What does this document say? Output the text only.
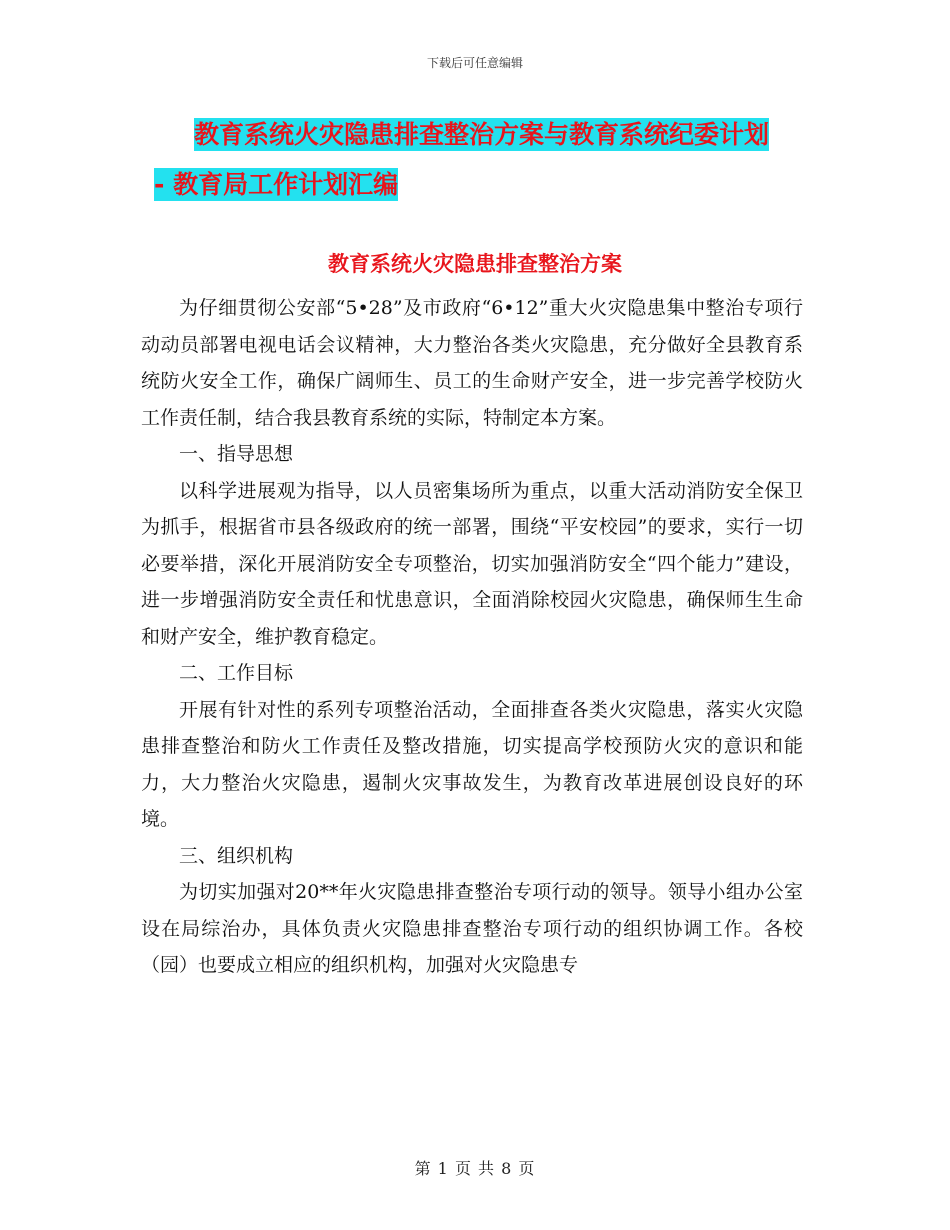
下载后可任意编辑
教育系统火灾隐患排查整治方案与教育系统纪委计划
- 教育局工作计划汇编
教育系统火灾隐患排查整治方案

为仔细贯彻公安部“5•28”及市政府“6•12”重大火灾隐患集中整治专项行动动员部署电视电话会议精神，大力整治各类火灾隐患，充分做好全县教育系统防火安全工作，确保广阔师生、员工的生命财产安全，进一步完善学校防火工作责任制，结合我县教育系统的实际，特制定本方案。

一、指导思想

以科学进展观为指导，以人员密集场所为重点，以重大活动消防安全保卫为抓手，根据省市县各级政府的统一部署，围绕“平安校园”的要求，实行一切必要举措，深化开展消防安全专项整治，切实加强消防安全“四个能力”建设，进一步增强消防安全责任和忧患意识，全面消除校园火灾隐患，确保师生生命和财产安全，维护教育稳定。

二、工作目标

开展有针对性的系列专项整治活动，全面排查各类火灾隐患，落实火灾隐患排查整治和防火工作责任及整改措施，切实提高学校预防火灾的意识和能力，大力整治火灾隐患，遏制火灾事故发生，为教育改革进展创设良好的环境。

三、组织机构

为切实加强对20**年火灾隐患排查整治专项行动的领导。领导小组办公室设在局综治办，具体负责火灾隐患排查整治专项行动的组织协调工作。各校（园）也要成立相应的组织机构，加强对火灾隐患专

第 1 页 共 8 页
